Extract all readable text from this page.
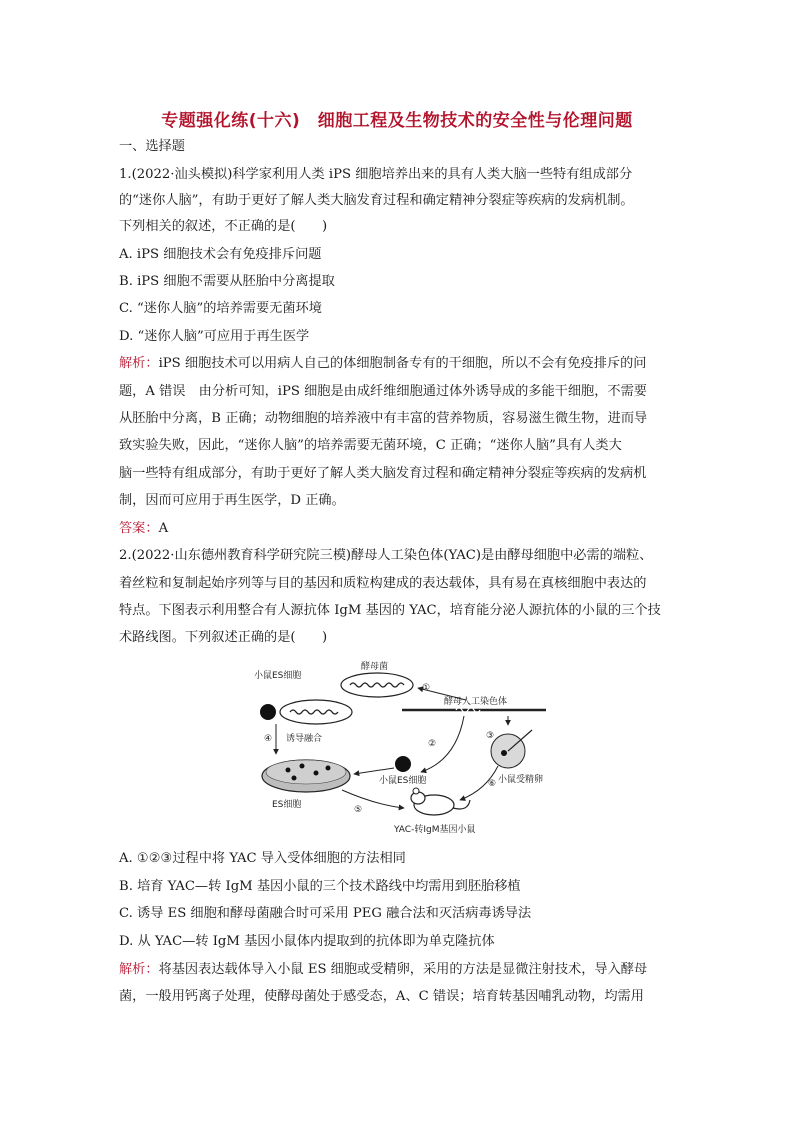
专题强化练(十六)　细胞工程及生物技术的安全性与伦理问题
一、选择题
1.(2022·汕头模拟)科学家利用人类 iPS 细胞培养出来的具有人类大脑一些特有组成部分
的“迷你人脑”，有助于更好了解人类大脑发育过程和确定精神分裂症等疾病的发病机制。
下列相关的叙述，不正确的是(　　)
A. iPS 细胞技术会有免疫排斥问题
B. iPS 细胞不需要从胚胎中分离提取
C. “迷你人脑”的培养需要无菌环境
D. “迷你人脑”可应用于再生医学
解析：iPS 细胞技术可以用病人自己的体细胞制备专有的干细胞，所以不会有免疫排斥的问
题，A 错误　由分析可知，iPS 细胞是由成纤维细胞通过体外诱导成的多能干细胞，不需要
从胚胎中分离，B 正确；动物细胞的培养液中有丰富的营养物质，容易滋生微生物，进而导
致实验失败，因此，“迷你人脑”的培养需要无菌环境，C 正确；“迷你人脑”具有人类大
脑一些特有组成部分，有助于更好了解人类大脑发育过程和确定精神分裂症等疾病的发病机
制，因而可应用于再生医学，D 正确。
答案：A
2.(2022·山东德州教育科学研究院三模)酵母人工染色体(YAC)是由酵母细胞中必需的端粒、
着丝粒和复制起始序列等与目的基因和质粒构建成的表达载体，具有易在真核细胞中表达的
特点。下图表示利用整合有人源抗体 IgM 基因的 YAC，培育能分泌人源抗体的小鼠的三个技
术路线图。下列叙述正确的是(　　)
酵母菌
小鼠ES细胞
酵母人工染色体
①
②
③
小鼠受精卵
小鼠ES细胞
④ 诱导融合
ES细胞	⑤
⑥
YAC-转IgM基因小鼠
A. ①②③过程中将 YAC 导入受体细胞的方法相同
B. 培育 YAC—转 IgM 基因小鼠的三个技术路线中均需用到胚胎移植
C. 诱导 ES 细胞和酵母菌融合时可采用 PEG 融合法和灭活病毒诱导法
D. 从 YAC—转 IgM 基因小鼠体内提取到的抗体即为单克隆抗体
解析：将基因表达载体导入小鼠 ES 细胞或受精卵，采用的方法是显微注射技术，导入酵母
菌，一般用钙离子处理，使酵母菌处于感受态，A、C 错误；培育转基因哺乳动物，均需用
